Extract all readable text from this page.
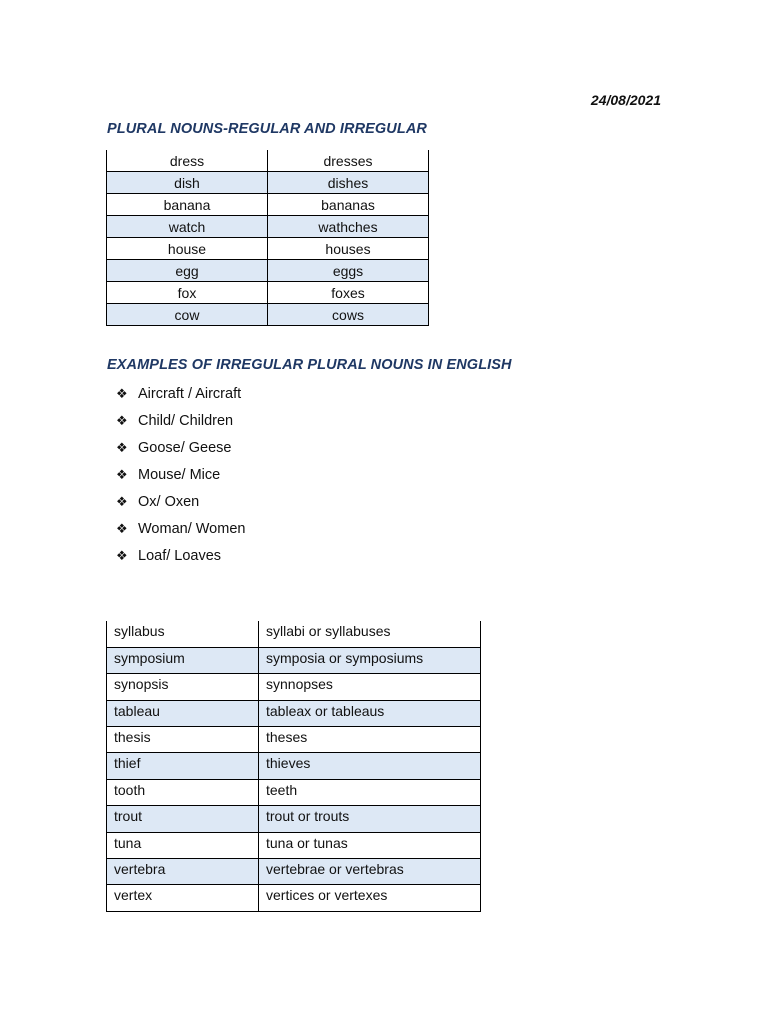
24/08/2021
PLURAL NOUNS-REGULAR AND IRREGULAR
dress	dresses
dish	dishes
banana	bananas
watch	wathches
house	houses
egg	eggs
fox	foxes
cow	cows
EXAMPLES OF IRREGULAR PLURAL NOUNS IN ENGLISH
❖ Aircraft / Aircraft
❖ Child/ Children
❖ Goose/ Geese
❖ Mouse/ Mice
❖ Ox/ Oxen
❖ Woman/ Women
❖ Loaf/ Loaves
syllabus	syllabi or syllabuses
symposium	symposia or symposiums
synopsis	synnopses
tableau	tableax or tableaus
thesis	theses
thief	thieves
tooth	teeth
trout	trout or trouts
tuna	tuna or tunas
vertebra	vertebrae or vertebras
vertex	vertices or vertexes
